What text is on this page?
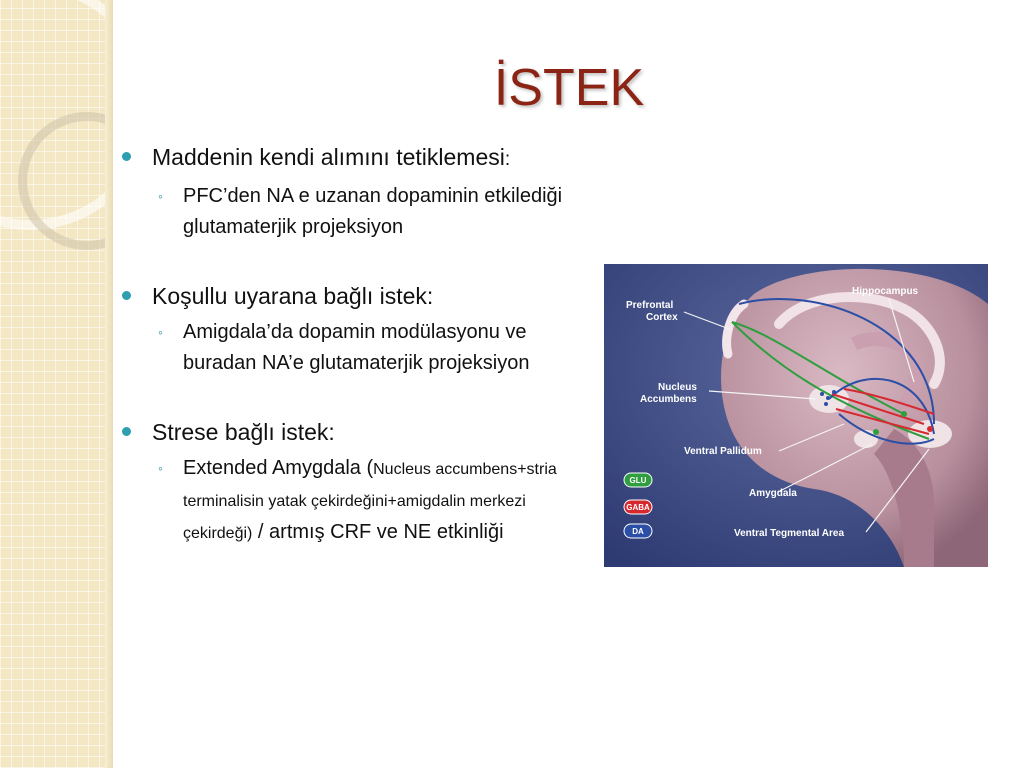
İSTEK
Maddenin kendi alımını tetiklemesi:
◦ PFC’den NA e uzanan dopaminin etkilediği glutamaterjik projeksiyon
Koşullu uyarana bağlı istek:
◦ Amigdala’da dopamin modülasyonu ve buradan NA’e glutamaterjik projeksiyon
Strese bağlı istek:
◦ Extended Amygdala (Nucleus accumbens+stria terminalisin yatak çekirdeğini+amigdalin merkezi çekirdeği) / artmış CRF ve NE etkinliği
Prefrontal
Cortex
Hippocampus
Nucleus
Accumbens
Ventral Pallidum
Amygdala
Ventral Tegmental Area
GLU
GABA
DA
